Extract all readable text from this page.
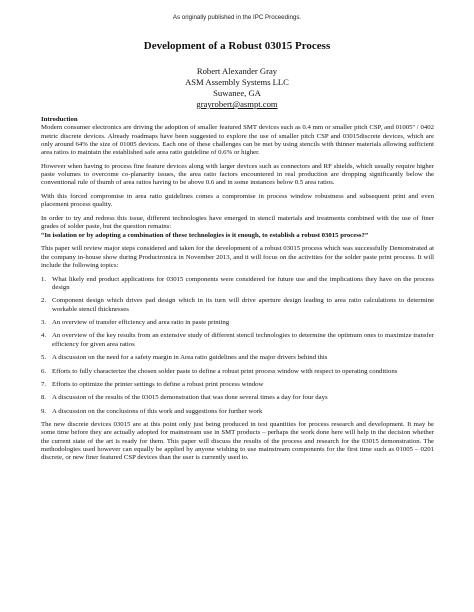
As originally published in the IPC Proceedings.
Development of a Robust 03015 Process
Robert Alexander Gray
ASM Assembly Systems LLC
Suwanee, GA
grayrobert@asmpt.com
Introduction

Modern consumer electronics are driving the adoption of smaller featured SMT devices such as 0.4 mm or smaller pitch CSP, and 01005'' / 0402 metric discrete devices. Already roadmaps have been suggested to explore the use of smaller pitch CSP and 03015discrete devices, which are only around 64% the size of 01005 devices. Each one of these challenges can be met by using stencils with thinner materials allowing sufficient area ratios to maintain the established safe area ratio guideline of 0.6% or higher.

However when having to process fine feature devices along with larger devices such as connectors and RF shields, which usually require higher paste volumes to overcome co-planarity issues, the area ratio factors encountered in real production are dropping significantly below the conventional rule of thumb of area ratios having to be above 0.6 and in some instances below 0.5 area ratios.

With this forced compromise in area ratio guidelines comes a compromise in process window robustness and subsequent print and even placement process quality.

In order to try and redress this issue, different technologies have emerged in stencil materials and treatments combined with the use of finer grades of solder paste, but the question remains:
“In isolation or by adopting a combination of these technologies is it enough, to establish a robust 03015 process?”

This paper will review major steps considered and taken for the development of a robust 03015 process which was successfully Demonstrated at the company in-house show during Productronica in November 2013, and it will focus on the activities for the solder paste print process. It will include the following topics:

1. What likely end product applications for 03015 components were considered for future use and the implications they have on the process design
2. Component design which drives pad design which in its turn will drive aperture design leading to area ratio calculations to determine workable stencil thicknesses
3. An overview of transfer efficiency and area ratio in paste printing
4. An overview of the key results from an extensive study of different stencil technologies to determine the optimum ones to maximize transfer efficiency for given area ratios
5. A discussion on the need for a safety margin in Area ratio guidelines and the major drivers behind this
6. Efforts to fully characterize the chosen solder paste to define a robust print process window with respect to operating conditions
7. Efforts to optimize the printer settings to define a robust print process window
8. A discussion of the results of the 03015 demonstration that was done several times a day for four days
9. A discussion on the conclusions of this work and suggestions for further work

The new discrete devices 03015 are at this point only just being produced in test quantities for process research and development. It may be some time before they are actually adopted for mainstream use in SMT products – perhaps the work done here will help in the decision whether the current state of the art is ready for them. This paper will discuss the results of the process and research for the 03015 demonstration. The methodologies used however can equally be applied by anyone wishing to use mainstream components for the first time such as 01005 – 0201 discrete, or new finer featured CSP devices than the user is currently used to.
